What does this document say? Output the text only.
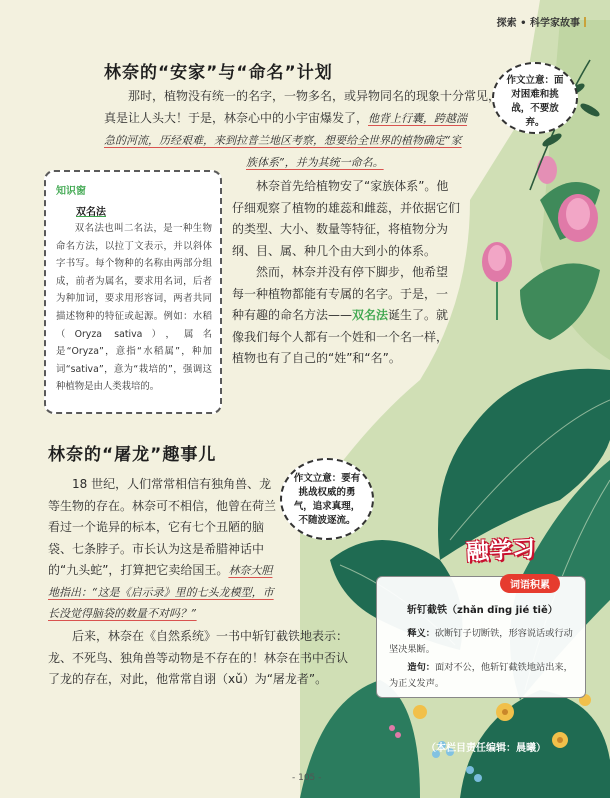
探索 • 科学家故事
林奈的“安家”与“命名”计划	作文立意：面对困难和挑战，不要放弃。

那时，植物没有统一的名字，一物多名，或异物同名的现象十分常见，

真是让人头大！于是，林奈心中的小宇宙爆发了，他背上行囊，跨越湍

急的河流，历经艰难，来到拉普兰地区考察，想要给全世界的植物确定“家

族体系”，并为其统一命名。

林奈首先给植物安了“家族体系”。他仔细观察了植物的雄蕊和雌蕊，并依据它们的类型、大小、数量等特征，将植物分为纲、目、属、种几个由大到小的体系。

然而，林奈并没有停下脚步，他希望每一种植物都能有专属的名字。于是，一种有趣的命名方法——双名法诞生了。就像我们每个人都有一个姓和一个名一样，植物也有了自己的“姓”和“名”。

知识窗
双名法

双名法也叫二名法，是一种生物命名方法，以拉丁文表示，并以斜体字书写。每个物种的名称由两部分组成，前者为属名，要求用名词，后者为种加词，要求用形容词，两者共同描述物种的特征或起源。例如：水稻（Oryza sativa），属名是“Oryza”，意指“水稻属”，种加词“sativa”，意为“栽培的”，强调这种植物是由人类栽培的。

林奈的“屠龙”趣事儿
作文立意：要有挑战权威的勇气，追求真理，不随波逐流。

18 世纪，人们常常相信有独角兽、龙等生物的存在。林奈可不相信，他曾在荷兰看过一个诡异的标本，它有七个丑陋的脑袋、七条脖子。市长认为这是希腊神话中的“九头蛇”，打算把它卖给国王。林奈大胆地指出：“这是《启示录》里的七头龙模型，市长没觉得脑袋的数量不对吗？”

后来，林奈在《自然系统》一书中斩钉截铁地表示：龙、不死鸟、独角兽等动物是不存在的！林奈在书中否认了龙的存在，对此，他常常自诩（xǔ）为“屠龙者”。

斩钉截铁（zhǎn dīng jié tiě）

释义：砍断钉子切断铁，形容说话或行动坚决果断。

造句：面对不公，他斩钉截铁地站出来，为正义发声。

融学习
词语积累
（本栏目责任编辑：晨曦）
- 105 -
